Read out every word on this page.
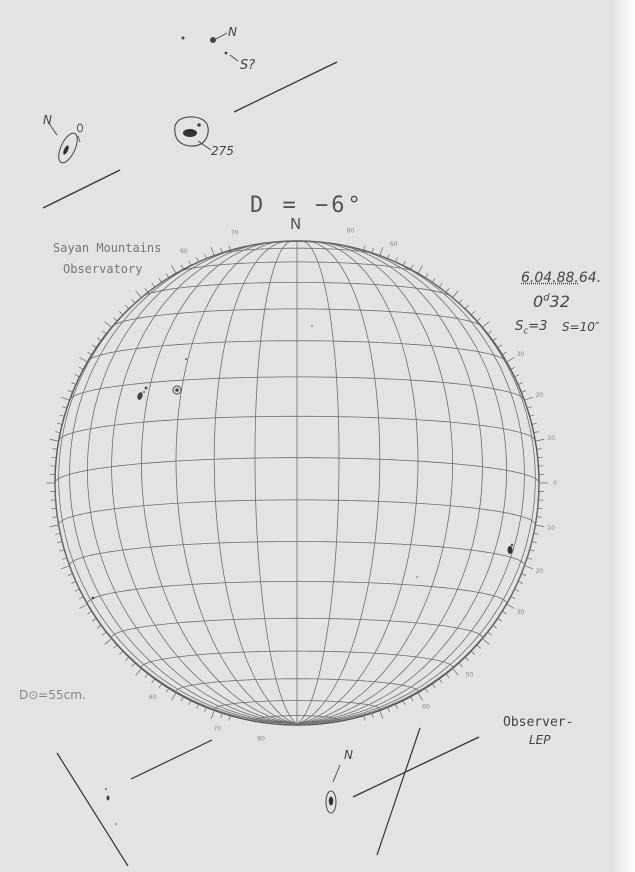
30
20
10
0
10
20
30
60
80
70
60
60
70
80
60
50
D = −6°
N
Sayan Mountains
Observatory
6.04.88.64.
0$^d$32
$S_c=3$ S=10″
D⊙=55cm.
Observer-
LEP
N
S?
N
275
N
